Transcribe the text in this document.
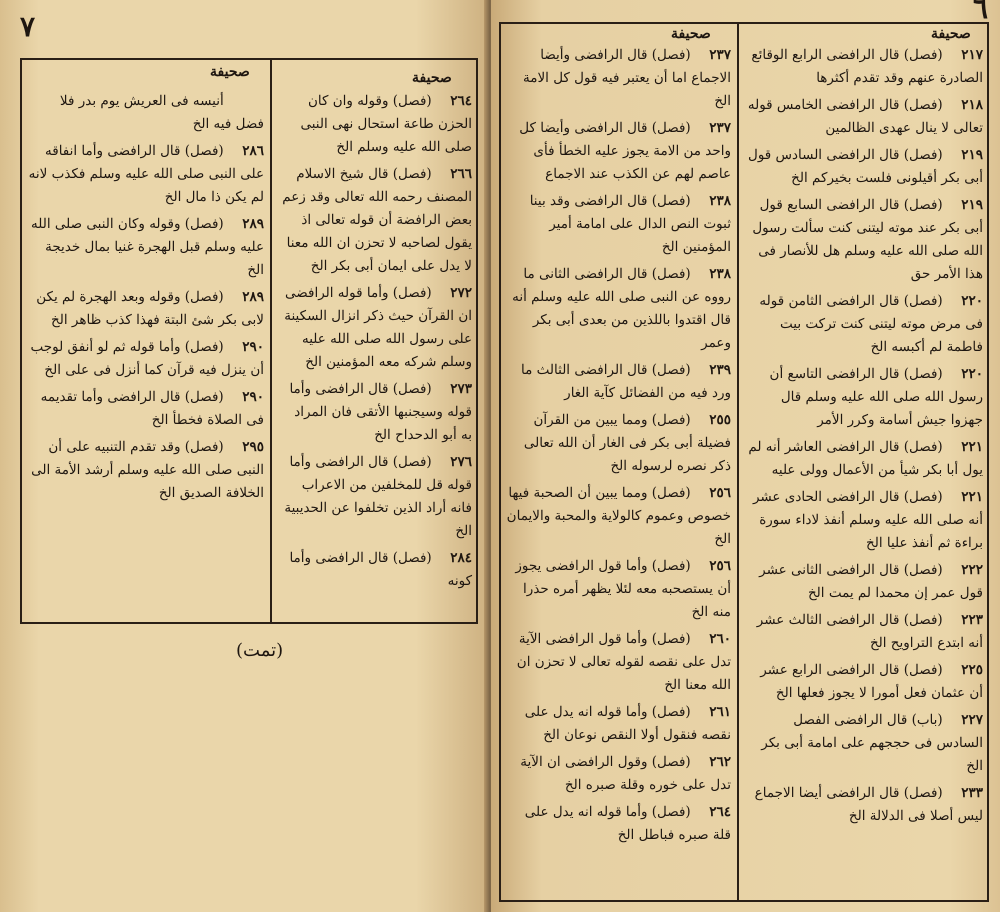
٧
صحيفة
صحيفة
٢٦٤ (فصل) وقوله وان كان الحزن طاعة استحال نهى النبى صلى الله عليه وسلم الخ
٢٦٦ (فصل) قال شيخ الاسلام المصنف رحمه الله تعالى وقد زعم بعض الرافضة أن قوله تعالى اذ يقول لصاحبه لا تحزن ان الله معنا لا يدل على ايمان أبى بكر الخ
٢٧٢ (فصل) وأما قوله الرافضى ان القرآن حيث ذكر انزال السكينة على رسول الله صلى الله عليه وسلم شركه معه المؤمنين الخ
٢٧٣ (فصل) قال الرافضى وأما قوله وسيجنبها الأتقى فان المراد به أبو الدحداح الخ
٢٧٦ (فصل) قال الرافضى وأما قوله قل للمخلفين من الاعراب فانه أراد الذين تخلفوا عن الحديبية الخ
٢٨٤ (فصل) قال الرافضى وأما كونه
أنيسه فى العريش يوم بدر فلا فضل فيه الخ
٢٨٦ (فصل) قال الرافضى وأما انفاقه على النبى صلى الله عليه وسلم فكذب لانه لم يكن ذا مال الخ
٢٨٩ (فصل) وقوله وكان النبى صلى الله عليه وسلم قبل الهجرة غنيا بمال خديجة الخ
٢٨٩ (فصل) وقوله وبعد الهجرة لم يكن لابى بكر شئ البتة فهذا كذب ظاهر الخ
٢٩٠ (فصل) وأما قوله ثم لو أنفق لوجب أن ينزل فيه قرآن كما أنزل فى على الخ
٢٩٠ (فصل) قال الرافضى وأما تقديمه فى الصلاة فخطأ الخ
٢٩٥ (فصل) وقد تقدم التنبيه على أن النبى صلى الله عليه وسلم أرشد الأمة الى الخلافة الصديق الخ
(تمت)
٦
صحيفة
صحيفة
٢١٧ (فصل) قال الرافضى الرابع الوقائع الصادرة عنهم وقد تقدم أكثرها
٢١٨ (فصل) قال الرافضى الخامس قوله تعالى لا ينال عهدى الظالمين
٢١٩ (فصل) قال الرافضى السادس قول أبى بكر أقيلونى فلست بخيركم الخ
٢١٩ (فصل) قال الرافضى السابع قول أبى بكر عند موته ليتنى كنت سألت رسول الله صلى الله عليه وسلم هل للأنصار فى هذا الأمر حق
٢٢٠ (فصل) قال الرافضى الثامن قوله فى مرض موته ليتنى كنت تركت بيت فاطمة لم أكبسه الخ
٢٢٠ (فصل) قال الرافضى التاسع أن رسول الله صلى الله عليه وسلم قال جهزوا جيش أسامة وكرر الأمر
٢٢١ (فصل) قال الرافضى العاشر أنه لم يول أبا بكر شيأ من الأعمال وولى عليه
٢٢١ (فصل) قال الرافضى الحادى عشر أنه صلى الله عليه وسلم أنفذ لاداء سورة براءة ثم أنفذ عليا الخ
٢٢٢ (فصل) قال الرافضى الثانى عشر قول عمر إن محمدا لم يمت الخ
٢٢٣ (فصل) قال الرافضى الثالث عشر أنه ابتدع التراويح الخ
٢٢٥ (فصل) قال الرافضى الرابع عشر أن عثمان فعل أمورا لا يجوز فعلها الخ
٢٢٧ (باب) قال الرافضى الفصل السادس فى حججهم على امامة أبى بكر الخ
٢٣٣ (فصل) قال الرافضى أيضا الاجماع ليس أصلا فى الدلالة الخ
٢٣٧ (فصل) قال الرافضى وأيضا الاجماع اما أن يعتبر فيه قول كل الامة الخ
٢٣٧ (فصل) قال الرافضى وأيضا كل واحد من الامة يجوز عليه الخطأ فأى عاصم لهم عن الكذب عند الاجماع
٢٣٨ (فصل) قال الرافضى وقد بينا ثبوت النص الدال على امامة أمير المؤمنين الخ
٢٣٨ (فصل) قال الرافضى الثانى ما رووه عن النبى صلى الله عليه وسلم أنه قال اقتدوا باللذين من بعدى أبى بكر وعمر
٢٣٩ (فصل) قال الرافضى الثالث ما ورد فيه من الفضائل كآية الغار
٢٥٥ (فصل) ومما يبين من القرآن فضيلة أبى بكر فى الغار أن الله تعالى ذكر نصره لرسوله الخ
٢٥٦ (فصل) ومما يبين أن الصحبة فيها خصوص وعموم كالولاية والمحبة والايمان الخ
٢٥٦ (فصل) وأما قول الرافضى يجوز أن يستصحبه معه لئلا يظهر أمره حذرا منه الخ
٢٦٠ (فصل) وأما قول الرافضى الآية تدل على نقصه لقوله تعالى لا تحزن ان الله معنا الخ
٢٦١ (فصل) وأما قوله انه يدل على نقصه فنقول أولا النقص نوعان الخ
٢٦٢ (فصل) وقول الرافضى ان الآية تدل على خوره وقلة صبره الخ
٢٦٤ (فصل) وأما قوله انه يدل على قلة صبره فباطل الخ
